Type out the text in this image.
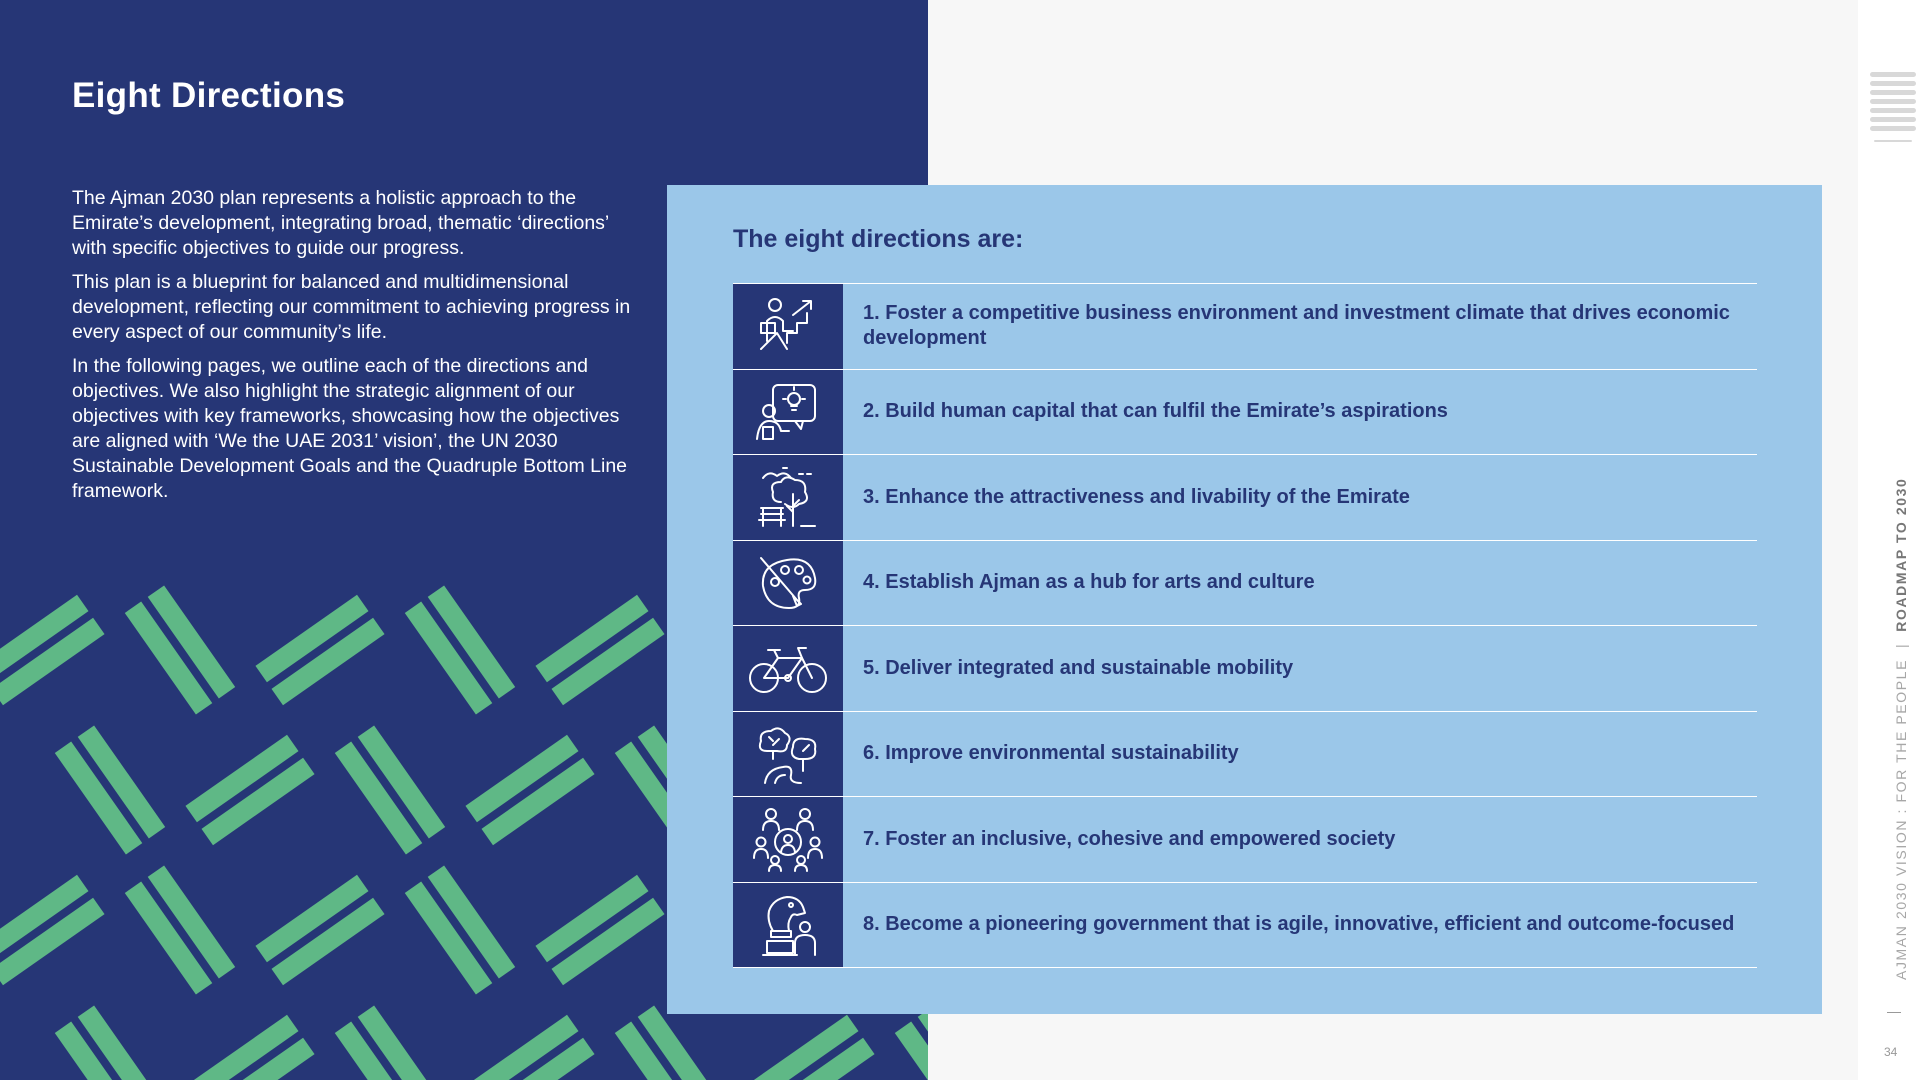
Eight Directions

The Ajman 2030 plan represents a holistic approach to the Emirate’s development, integrating broad, thematic ‘directions’ with specific objectives to guide our progress.

This plan is a blueprint for balanced and multidimensional development, reflecting our commitment to achieving progress in every aspect of our community’s life.

In the following pages, we outline each of the directions and objectives. We also highlight the strategic alignment of our objectives with key frameworks, showcasing how the objectives are aligned with ‘We the UAE 2031’ vision’, the UN 2030 Sustainable Development Goals and the Quadruple Bottom Line framework.

AJMAN 2030 VISION : FOR THE PEOPLE  |  ROADMAP TO 2030
34
The eight directions are:
1. Foster a competitive business environment and investment climate that drives economic development
2. Build human capital that can fulfil the Emirate’s aspirations
3. Enhance the attractiveness and livability of the Emirate
4. Establish Ajman as a hub for arts and culture
5. Deliver integrated and sustainable mobility
6. Improve environmental sustainability
7. Foster an inclusive, cohesive and empowered society
8. Become a pioneering government that is agile, innovative, efficient and outcome-focused
